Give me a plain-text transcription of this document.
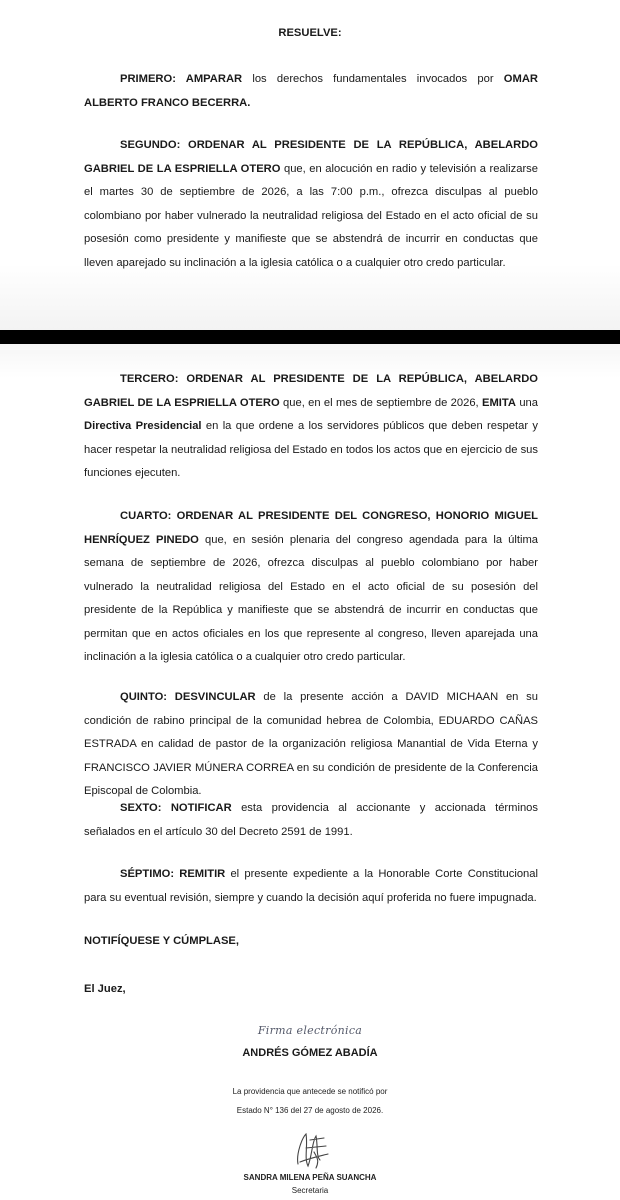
RESUELVE:

PRIMERO: AMPARAR los derechos fundamentales invocados por OMAR ALBERTO FRANCO BECERRA.

SEGUNDO: ORDENAR AL PRESIDENTE DE LA REPÚBLICA, ABELARDO GABRIEL DE LA ESPRIELLA OTERO que, en alocución en radio y televisión a realizarse el martes 30 de septiembre de 2026, a las 7:00 p.m., ofrezca disculpas al pueblo colombiano por haber vulnerado la neutralidad religiosa del Estado en el acto oficial de su posesión como presidente y manifieste que se abstendrá de incurrir en conductas que lleven aparejado su inclinación a la iglesia católica o a cualquier otro credo particular.

TERCERO: ORDENAR AL PRESIDENTE DE LA REPÚBLICA, ABELARDO GABRIEL DE LA ESPRIELLA OTERO que, en el mes de septiembre de 2026, EMITA una Directiva Presidencial en la que ordene a los servidores públicos que deben respetar y hacer respetar la neutralidad religiosa del Estado en todos los actos que en ejercicio de sus funciones ejecuten.

CUARTO: ORDENAR AL PRESIDENTE DEL CONGRESO, HONORIO MIGUEL HENRÍQUEZ PINEDO que, en sesión plenaria del congreso agendada para la última semana de septiembre de 2026, ofrezca disculpas al pueblo colombiano por haber vulnerado la neutralidad religiosa del Estado en el acto oficial de su posesión del presidente de la República y manifieste que se abstendrá de incurrir en conductas que permitan que en actos oficiales en los que represente al congreso, lleven aparejada una inclinación a la iglesia católica o a cualquier otro credo particular.

QUINTO: DESVINCULAR de la presente acción a DAVID MICHAAN en su condición de rabino principal de la comunidad hebrea de Colombia, EDUARDO CAÑAS ESTRADA en calidad de pastor de la organización religiosa Manantial de Vida Eterna y FRANCISCO JAVIER MÚNERA CORREA en su condición de presidente de la Conferencia Episcopal de Colombia.

SEXTO: NOTIFICAR esta providencia al accionante y accionada términos señalados en el artículo 30 del Decreto 2591 de 1991.

SÉPTIMO: REMITIR el presente expediente a la Honorable Corte Constitucional para su eventual revisión, siempre y cuando la decisión aquí proferida no fuere impugnada.

NOTIFÍQUESE Y CÚMPLASE,
El Juez,
Firma electrónica
ANDRÉS GÓMEZ ABADÍA
La providencia que antecede se notificó por
Estado N° 136 del 27 de agosto de 2026.
SANDRA MILENA PEÑA SUANCHA
Secretaria
